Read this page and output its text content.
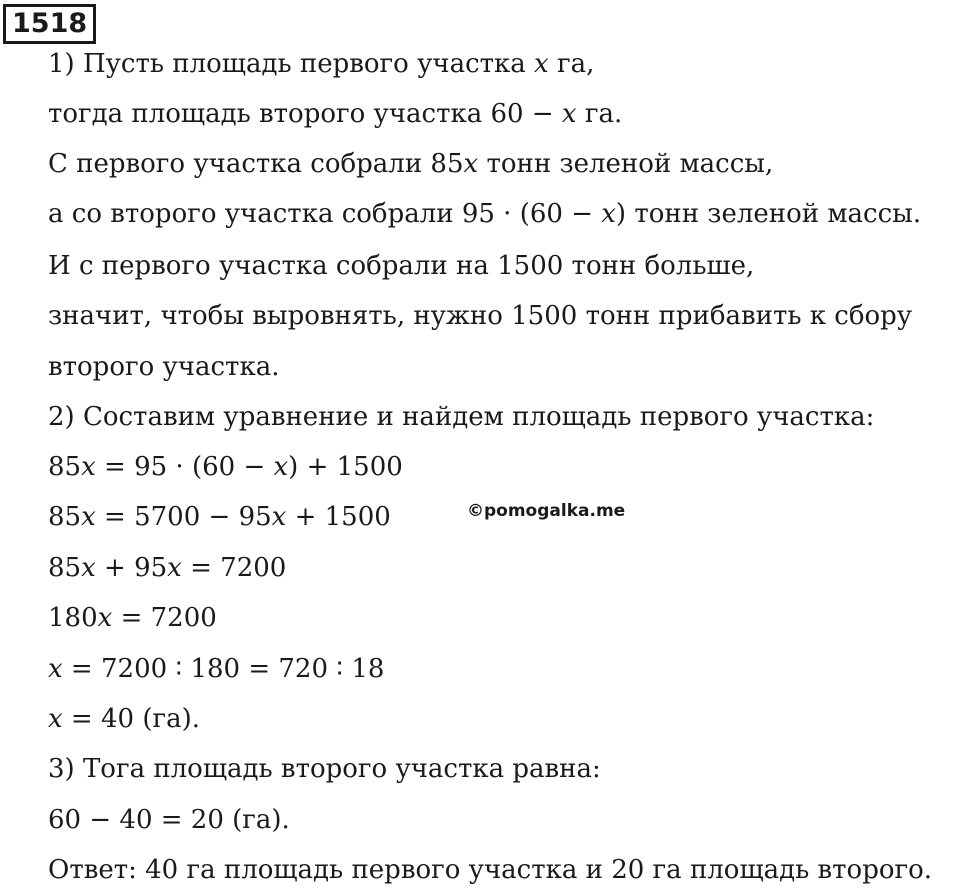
1518
1) Пусть площадь первого участка x га,
тогда площадь второго участка 60 − x га.
С первого участка собрали 85x тонн зеленой массы,
а со второго участка собрали 95 · (60 − x) тонн зеленой массы.
И с первого участка собрали на 1500 тонн больше,
значит, чтобы выровнять, нужно 1500 тонн прибавить к сбору
второго участка.
2) Составим уравнение и найдем площадь первого участка:
85x = 95 · (60 − x) + 1500
85x = 5700 − 95x + 1500
85x + 95x = 7200
180x = 7200
x = 7200 ∶ 180 = 720 ∶ 18
x = 40 (га).
3) Тога площадь второго участка равна:
60 − 40 = 20 (га).
Ответ: 40 га площадь первого участка и 20 га площадь второго.
©pomogalka.me
